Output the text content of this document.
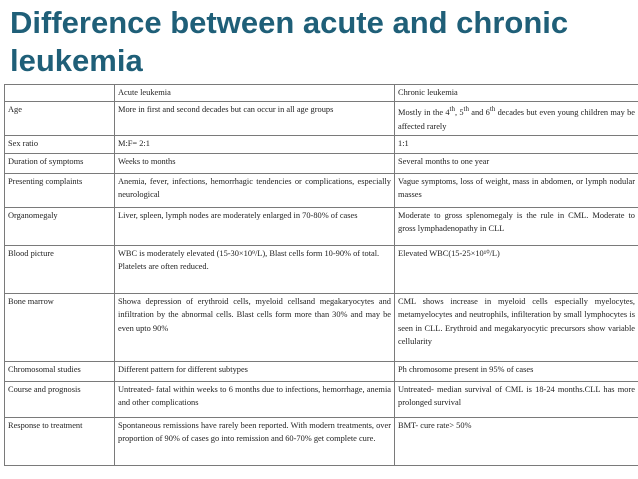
Difference between acute and chronic leukemia
	Acute leukemia	Chronic leukemia
Age	More in first and second decades but can occur in all age groups	Mostly in the 4th, 5th and 6th decades but even young children may be affected rarely
Sex ratio	M:F= 2:1	1:1
Duration of symptoms	Weeks to months	Several months to one year
Presenting complaints	Anemia, fever, infections, hemorrhagic tendencies or complications, especially neurological	Vague symptoms, loss of weight, mass in abdomen, or lymph nodular masses
Organomegaly	Liver, spleen, lymph nodes are moderately enlarged in 70-80% of cases	Moderate to gross splenomegaly is the rule in CML. Moderate to gross lymphadenopathy in CLL
Blood picture	WBC is moderately elevated (15-30×10⁹/L), Blast cells form 10-90% of total. Platelets are often reduced.	Elevated WBC(15-25×10¹⁰/L)
Bone marrow	Showa depression of erythroid cells, myeloid cellsand megakaryocytes and infiltration by the abnormal cells. Blast cells form more than 30% and may be even upto 90%	CML shows increase in myeloid cells especially myelocytes, metamyelocytes and neutrophils, infilteration by small lymphocytes is seen in CLL. Erythroid and megakaryocytic precursors show variable cellularity
Chromosomal studies	Different pattern for different subtypes	Ph chromosome present in 95% of cases
Course and prognosis	Untreated- fatal within weeks to 6 months due to infections, hemorrhage, anemia and other complications	Untreated- median survival of CML is 18-24 months.CLL has more prolonged survival
Response to treatment	Spontaneous remissions have rarely been reported. With modern treatments, over proportion of 90% of cases go into remission and 60-70% get complete cure.	BMT- cure rate> 50%
